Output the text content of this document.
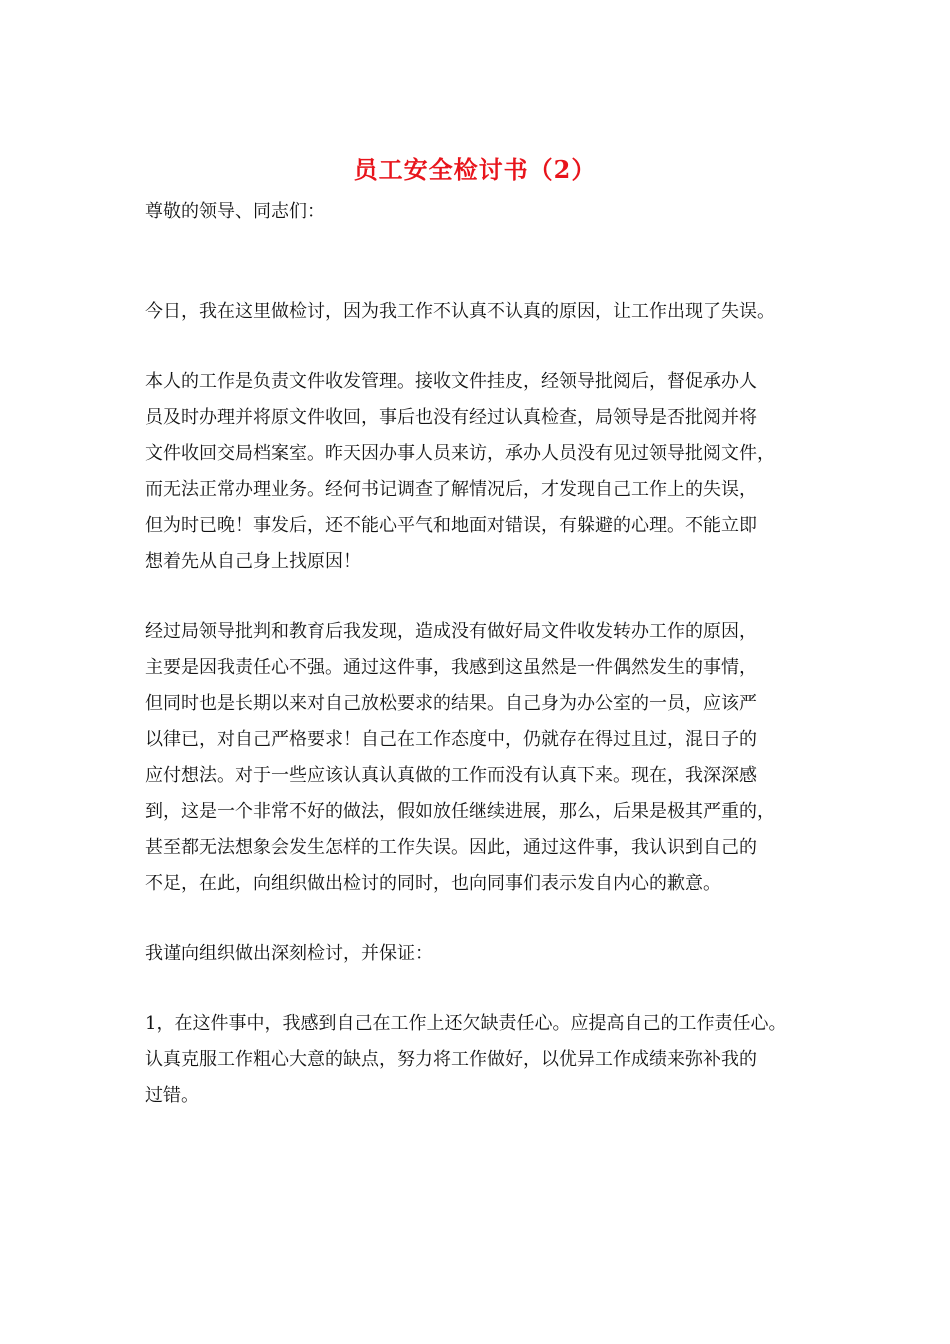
员工安全检讨书（2）

尊敬的领导、同志们：

今日，我在这里做检讨，因为我工作不认真不认真的原因，让工作出现了失误。

本人的工作是负责文件收发管理。接收文件挂皮，经领导批阅后，督促承办人

员及时办理并将原文件收回，事后也没有经过认真检查，局领导是否批阅并将

文件收回交局档案室。昨天因办事人员来访，承办人员没有见过领导批阅文件，

而无法正常办理业务。经何书记调查了解情况后，才发现自己工作上的失误，

但为时已晚！事发后，还不能心平气和地面对错误，有躲避的心理。不能立即

想着先从自己身上找原因！

经过局领导批判和教育后我发现，造成没有做好局文件收发转办工作的原因，

主要是因我责任心不强。通过这件事，我感到这虽然是一件偶然发生的事情，

但同时也是长期以来对自己放松要求的结果。自己身为办公室的一员，应该严

以律已，对自己严格要求！自己在工作态度中，仍就存在得过且过，混日子的

应付想法。对于一些应该认真认真做的工作而没有认真下来。现在，我深深感

到，这是一个非常不好的做法，假如放任继续进展，那么，后果是极其严重的，

甚至都无法想象会发生怎样的工作失误。因此，通过这件事，我认识到自己的

不足，在此，向组织做出检讨的同时，也向同事们表示发自内心的歉意。

我谨向组织做出深刻检讨，并保证：

1，在这件事中，我感到自己在工作上还欠缺责任心。应提高自己的工作责任心。

认真克服工作粗心大意的缺点，努力将工作做好，以优异工作成绩来弥补我的

过错。
